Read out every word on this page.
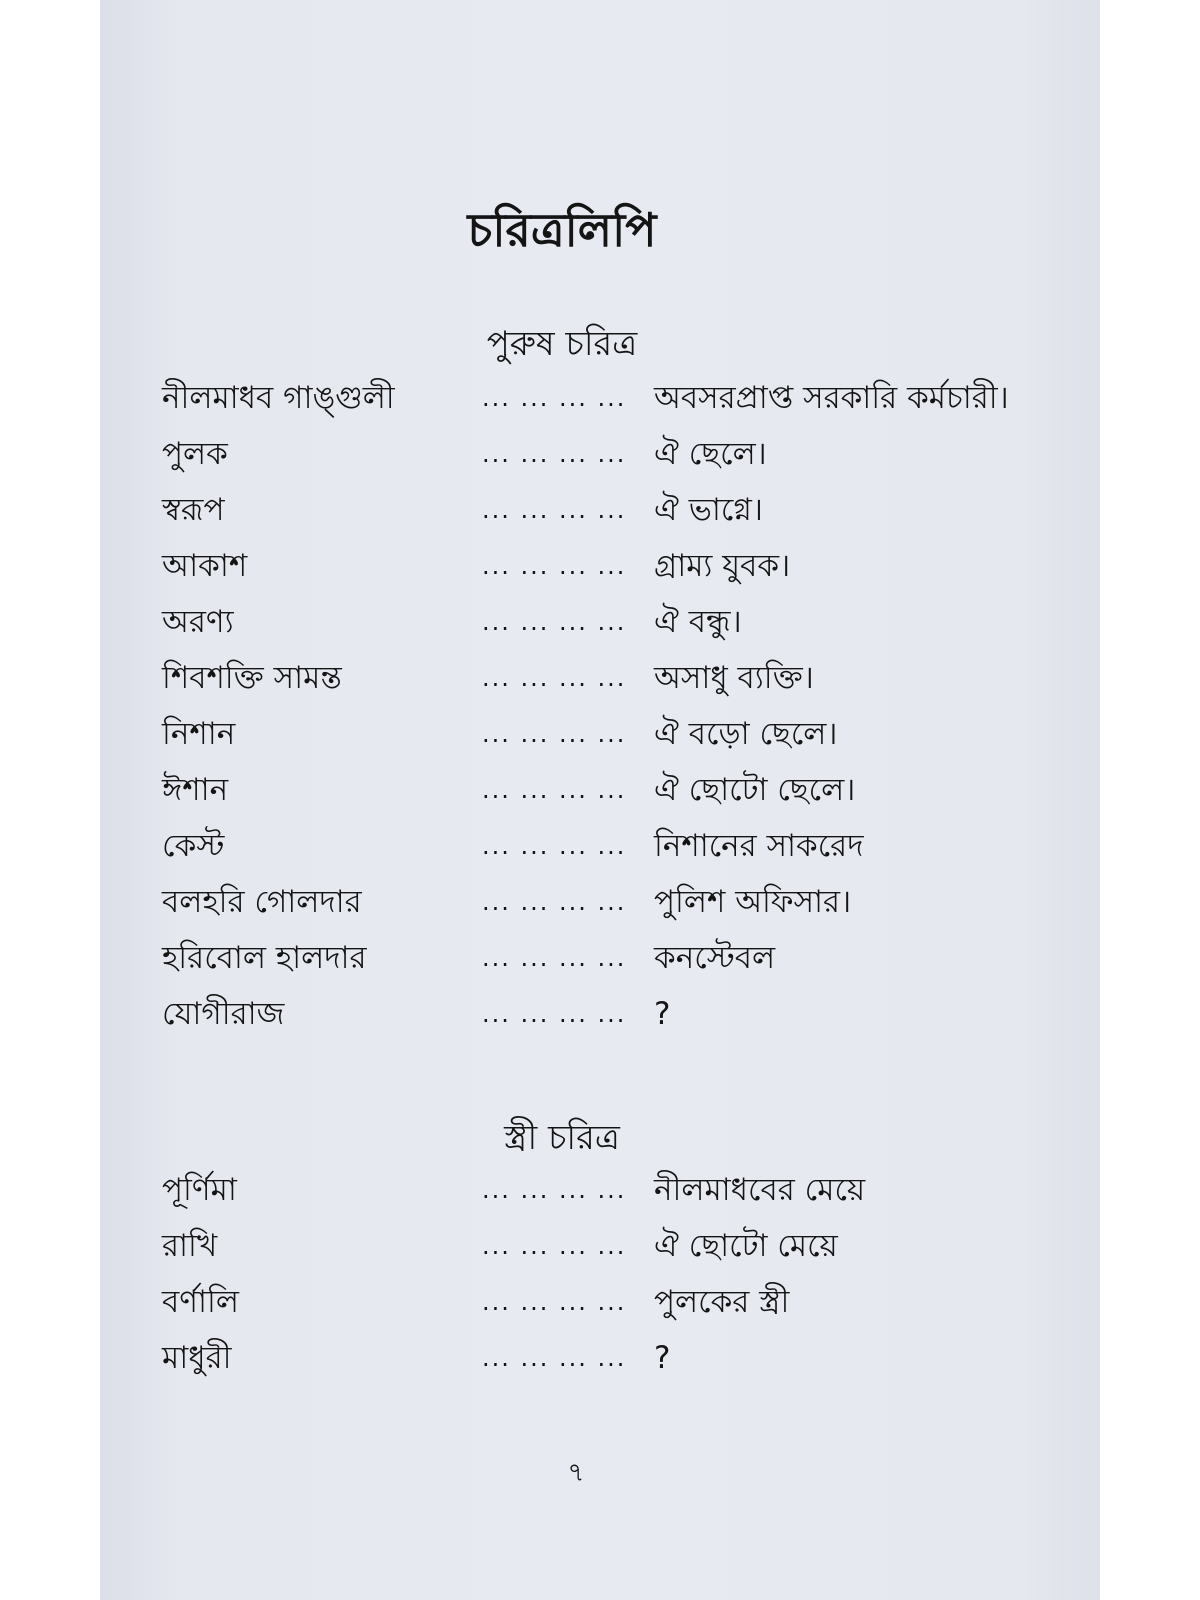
চরিত্রলিপি
পুরুষ চরিত্র
নীলমাধব গাঙ্গুলী	... ... ... ... অবসরপ্রাপ্ত সরকারি কর্মচারী।
পুলক	... ... ... ... ঐ ছেলে।
স্বরূপ	... ... ... ... ঐ ভাগ্নে।
আকাশ	... ... ... ... গ্রাম্য যুবক।
অরণ্য	... ... ... ... ঐ বন্ধু।
শিবশক্তি সামন্ত	... ... ... ... অসাধু ব্যক্তি।
নিশান	... ... ... ... ঐ বড়ো ছেলে।
ঈশান	... ... ... ... ঐ ছোটো ছেলে।
কেস্ট	... ... ... ... নিশানের সাকরেদ
বলহরি গোলদার	... ... ... ... পুলিশ অফিসার।
হরিবোল হালদার	... ... ... ... কনস্টেবল
যোগীরাজ	... ... ... ... ?
স্ত্রী চরিত্র
পূর্ণিমা	... ... ... ... নীলমাধবের মেয়ে
রাখি	... ... ... ... ঐ ছোটো মেয়ে
বর্ণালি	... ... ... ... পুলকের স্ত্রী
মাধুরী	... ... ... ... ?
৭
